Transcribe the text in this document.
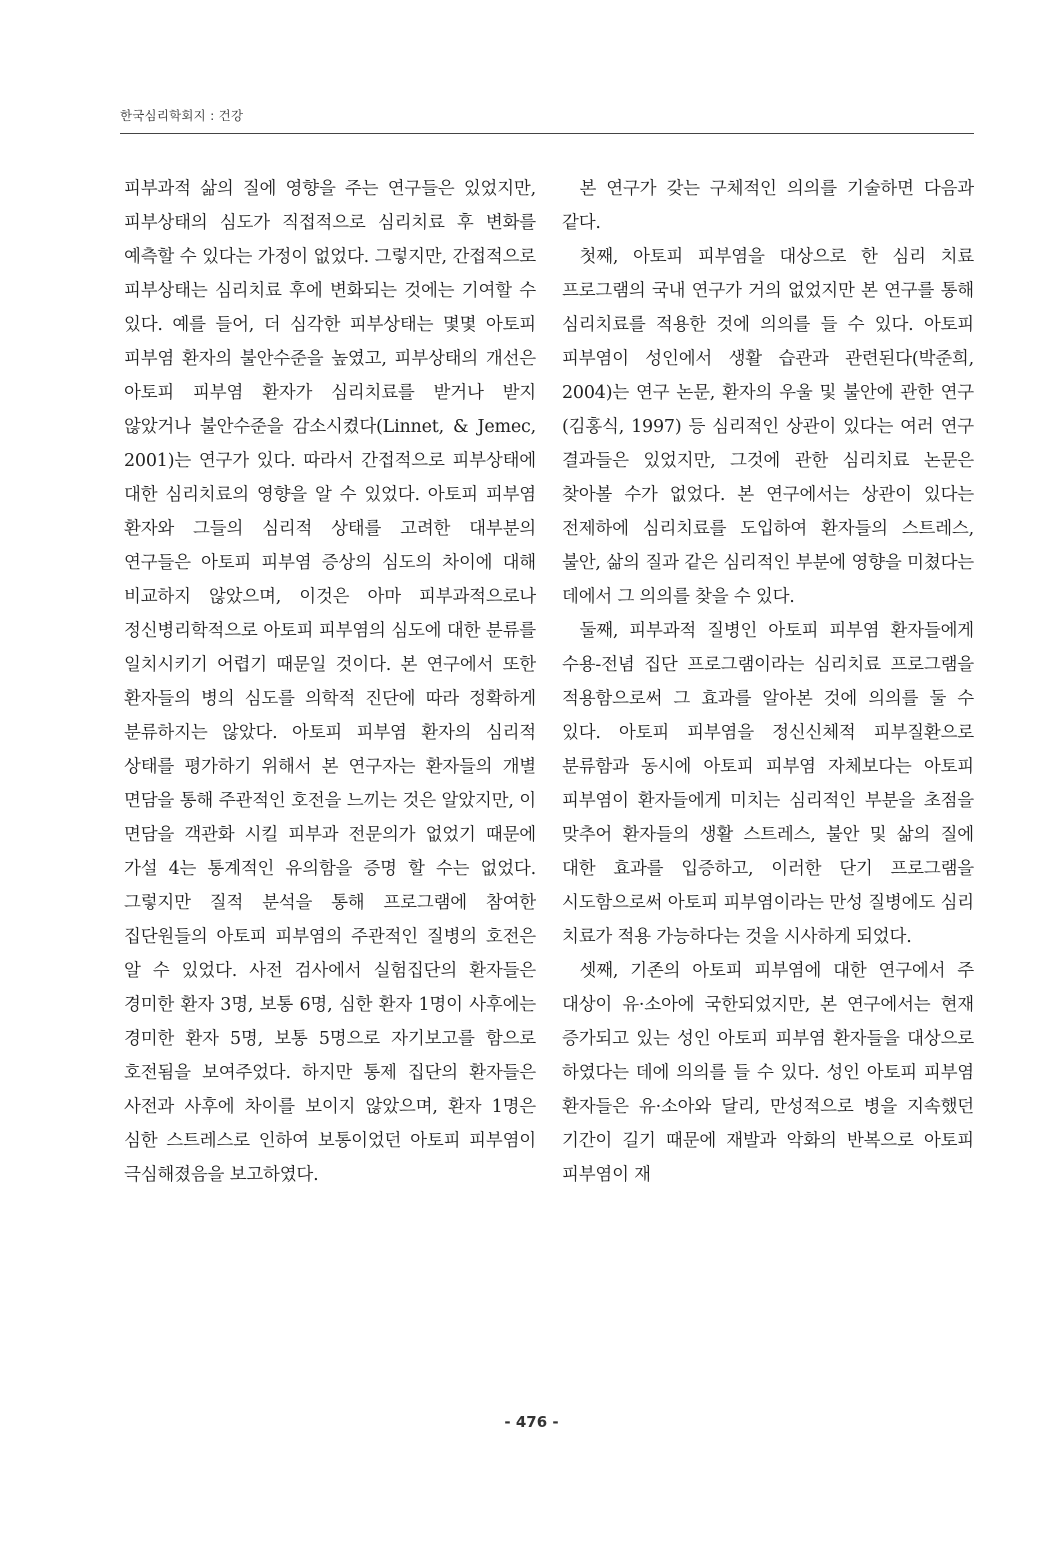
한국심리학회지 : 건강

피부과적 삶의 질에 영향을 주는 연구들은 있었지만, 피부상태의 심도가 직접적으로 심리치료 후 변화를 예측할 수 있다는 가정이 없었다. 그렇지만, 간접적으로 피부상태는 심리치료 후에 변화되는 것에는 기여할 수 있다. 예를 들어, 더 심각한 피부상태는 몇몇 아토피 피부염 환자의 불안수준을 높였고, 피부상태의 개선은 아토피 피부염 환자가 심리치료를 받거나 받지 않았거나 불안수준을 감소시켰다(Linnet, & Jemec, 2001)는 연구가 있다. 따라서 간접적으로 피부상태에 대한 심리치료의 영향을 알 수 있었다. 아토피 피부염 환자와 그들의 심리적 상태를 고려한 대부분의 연구들은 아토피 피부염 증상의 심도의 차이에 대해 비교하지 않았으며, 이것은 아마 피부과적으로나 정신병리학적으로 아토피 피부염의 심도에 대한 분류를 일치시키기 어렵기 때문일 것이다. 본 연구에서 또한 환자들의 병의 심도를 의학적 진단에 따라 정확하게 분류하지는 않았다. 아토피 피부염 환자의 심리적 상태를 평가하기 위해서 본 연구자는 환자들의 개별 면담을 통해 주관적인 호전을 느끼는 것은 알았지만, 이 면담을 객관화 시킬 피부과 전문의가 없었기 때문에 가설 4는 통계적인 유의함을 증명 할 수는 없었다. 그렇지만 질적 분석을 통해 프로그램에 참여한 집단원들의 아토피 피부염의 주관적인 질병의 호전은 알 수 있었다. 사전 검사에서 실험집단의 환자들은 경미한 환자 3명, 보통 6명, 심한 환자 1명이 사후에는 경미한 환자 5명, 보통 5명으로 자기보고를 함으로 호전됨을 보여주었다. 하지만 통제 집단의 환자들은 사전과 사후에 차이를 보이지 않았으며, 환자 1명은 심한 스트레스로 인하여 보통이었던 아토피 피부염이 극심해졌음을 보고하였다.

본 연구가 갖는 구체적인 의의를 기술하면 다음과 같다.

첫째, 아토피 피부염을 대상으로 한 심리 치료 프로그램의 국내 연구가 거의 없었지만 본 연구를 통해 심리치료를 적용한 것에 의의를 들 수 있다. 아토피 피부염이 성인에서 생활 습관과 관련된다(박준희, 2004)는 연구 논문, 환자의 우울 및 불안에 관한 연구(김홍식, 1997) 등 심리적인 상관이 있다는 여러 연구 결과들은 있었지만, 그것에 관한 심리치료 논문은 찾아볼 수가 없었다. 본 연구에서는 상관이 있다는 전제하에 심리치료를 도입하여 환자들의 스트레스, 불안, 삶의 질과 같은 심리적인 부분에 영향을 미쳤다는 데에서 그 의의를 찾을 수 있다.

둘째, 피부과적 질병인 아토피 피부염 환자들에게 수용-전념 집단 프로그램이라는 심리치료 프로그램을 적용함으로써 그 효과를 알아본 것에 의의를 둘 수 있다. 아토피 피부염을 정신신체적 피부질환으로 분류함과 동시에 아토피 피부염 자체보다는 아토피 피부염이 환자들에게 미치는 심리적인 부분을 초점을 맞추어 환자들의 생활 스트레스, 불안 및 삶의 질에 대한 효과를 입증하고, 이러한 단기 프로그램을 시도함으로써 아토피 피부염이라는 만성 질병에도 심리 치료가 적용 가능하다는 것을 시사하게 되었다.

셋째, 기존의 아토피 피부염에 대한 연구에서 주 대상이 유·소아에 국한되었지만, 본 연구에서는 현재 증가되고 있는 성인 아토피 피부염 환자들을 대상으로 하였다는 데에 의의를 들 수 있다. 성인 아토피 피부염 환자들은 유·소아와 달리, 만성적으로 병을 지속했던 기간이 길기 때문에 재발과 악화의 반복으로 아토피 피부염이 재

- 476 -
